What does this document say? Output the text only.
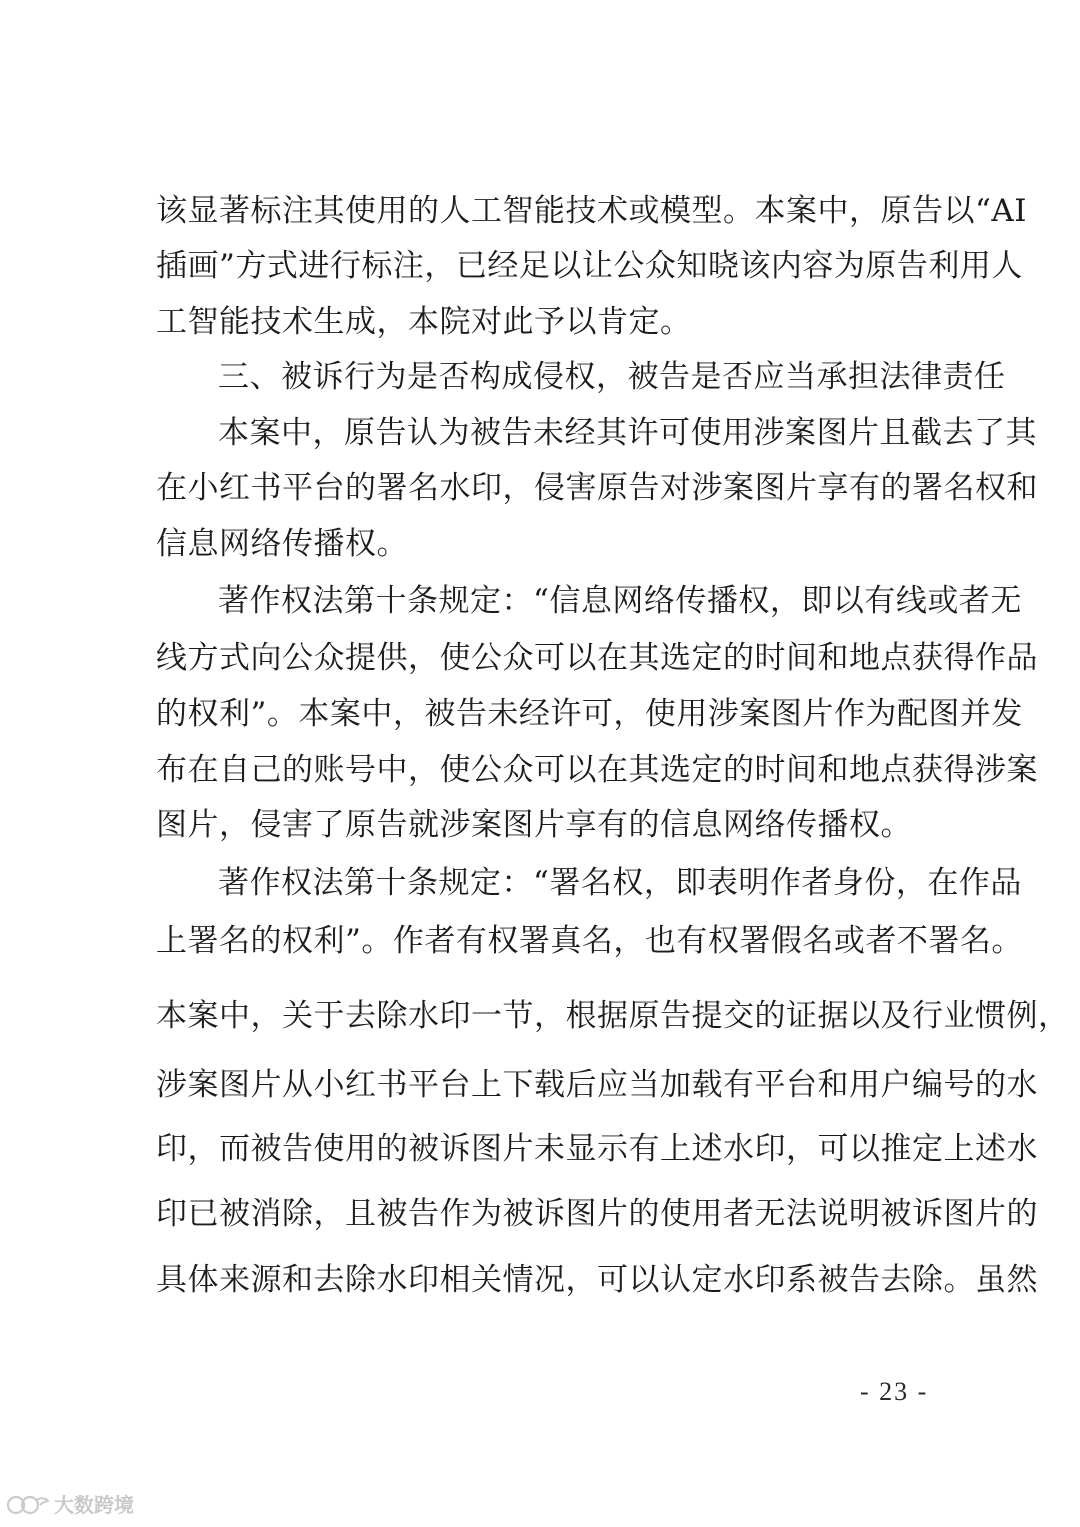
该显著标注其使用的人工智能技术或模型。本案中，原告以“AI
插画”方式进行标注，已经足以让公众知晓该内容为原告利用人
工智能技术生成，本院对此予以肯定。
三、被诉行为是否构成侵权，被告是否应当承担法律责任
本案中，原告认为被告未经其许可使用涉案图片且截去了其
在小红书平台的署名水印，侵害原告对涉案图片享有的署名权和
信息网络传播权。
著作权法第十条规定：“信息网络传播权，即以有线或者无
线方式向公众提供，使公众可以在其选定的时间和地点获得作品
的权利”。本案中，被告未经许可，使用涉案图片作为配图并发
布在自己的账号中，使公众可以在其选定的时间和地点获得涉案
图片，侵害了原告就涉案图片享有的信息网络传播权。
著作权法第十条规定：“署名权，即表明作者身份，在作品
上署名的权利”。作者有权署真名，也有权署假名或者不署名。
本案中，关于去除水印一节，根据原告提交的证据以及行业惯例，
涉案图片从小红书平台上下载后应当加载有平台和用户编号的水
印，而被告使用的被诉图片未显示有上述水印，可以推定上述水
印已被消除，且被告作为被诉图片的使用者无法说明被诉图片的
具体来源和去除水印相关情况，可以认定水印系被告去除。虽然
- 23 -
大数跨境
